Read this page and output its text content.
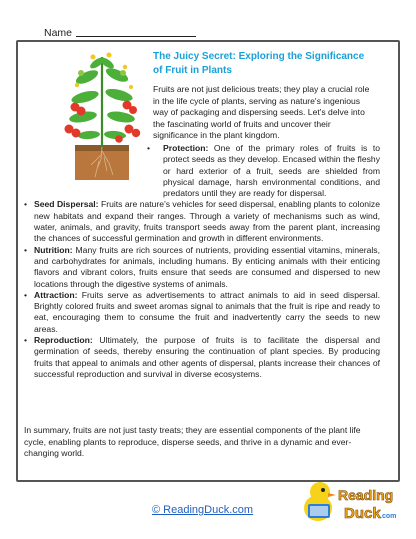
Name
The Juicy Secret: Exploring the Significance of Fruit in Plants
Fruits are not just delicious treats; they play a crucial role in the life cycle of plants, serving as nature's ingenious way of packaging and dispersing seeds. Let's delve into the fascinating world of fruits and uncover their significance in the plant kingdom.
• Protection: One of the primary roles of fruits is to protect seeds as they develop. Encased within the fleshy or hard exterior of a fruit, seeds are shielded from physical damage, harsh environmental conditions, and predators until they are ready for dispersal.
• Seed Dispersal: Fruits are nature's vehicles for seed dispersal, enabling plants to colonize new habitats and expand their ranges. Through a variety of mechanisms such as wind, water, animals, and gravity, fruits transport seeds away from the parent plant, increasing the chances of successful germination and growth in different environments.
• Nutrition: Many fruits are rich sources of nutrients, providing essential vitamins, minerals, and carbohydrates for animals, including humans. By enticing animals with their enticing flavors and vibrant colors, fruits ensure that seeds are consumed and dispersed to new locations through the digestive systems of animals.
• Attraction: Fruits serve as advertisements to attract animals to aid in seed dispersal. Brightly colored fruits and sweet aromas signal to animals that the fruit is ripe and ready to eat, encouraging them to consume the fruit and inadvertently carry the seeds to new areas.
• Reproduction: Ultimately, the purpose of fruits is to facilitate the dispersal and germination of seeds, thereby ensuring the continuation of plant species. By producing fruits that appeal to animals and other agents of dispersal, plants increase their chances of successful reproduction and survival in diverse ecosystems.
In summary, fruits are not just tasty treats; they are essential components of the plant life cycle, enabling plants to reproduce, disperse seeds, and thrive in a dynamic and ever-changing world.
© ReadingDuck.com
Reading
Duck .com
